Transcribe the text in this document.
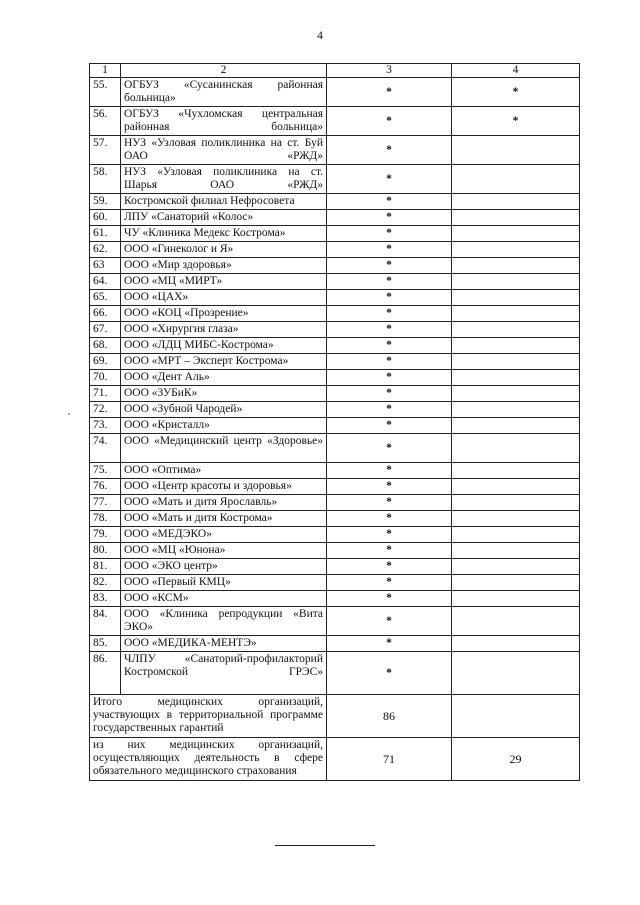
4
1	2	3	4
55.	ОГБУЗ «Сусанинская районная больница»	*	*
56.	ОГБУЗ «Чухломская центральная районная больница»	*	*
57.	НУЗ «Узловая поликлиника на ст. Буй ОАО «РЖД»	*	
58.	НУЗ «Узловая поликлиника на ст. Шарья ОАО «РЖД»	*	
59.	Костромской филиал Нефросовета	*	
60.	ЛПУ «Санаторий «Колос»	*	
61.	ЧУ «Клиника Медекс Кострома»	*	
62.	ООО «Гинеколог и Я»	*	
63	ООО «Мир здоровья»	*	
64.	ООО «МЦ «МИРТ»	*	
65.	ООО «ЦАХ»	*	
66.	ООО «КОЦ «Прозрение»	*	
67.	ООО «Хирургия глаза»	*	
68.	ООО «ЛДЦ МИБС-Кострома»	*	
69.	ООО «МРТ – Эксперт Кострома»	*	
70.	ООО «Дент Аль»	*	
71.	ООО «ЗУБиК»	*	
72.	ООО «Зубной Чародей»	*	
73.	ООО «Кристалл»	*	
74.	ООО «Медицинский центр «Здоровье»	*	
75.	ООО «Оптима»	*	
76.	ООО «Центр красоты и здоровья»	*	
77.	ООО «Мать и дитя Ярославль»	*	
78.	ООО «Мать и дитя Кострома»	*	
79.	ООО «МЕДЭКО»	*	
80.	ООО «МЦ «Юнона»	*	
81.	ООО «ЭКО центр»	*	
82.	ООО «Первый КМЦ»	*	
83.	ООО «КСМ»	*	
84.	ООО «Клиника репродукции «Вита ЭКО»	*	
85.	ООО «МЕДИКА-МЕНТЭ»	*	
86.	ЧЛПУ «Санаторий-профилакторий Костромской ГРЭС»	*	
Итого медицинских организаций, участвующих в территориальной программе государственных гарантий		86	
из них медицинских организаций, осуществляющих деятельность в сфере обязательного медицинского страхования		71	29
